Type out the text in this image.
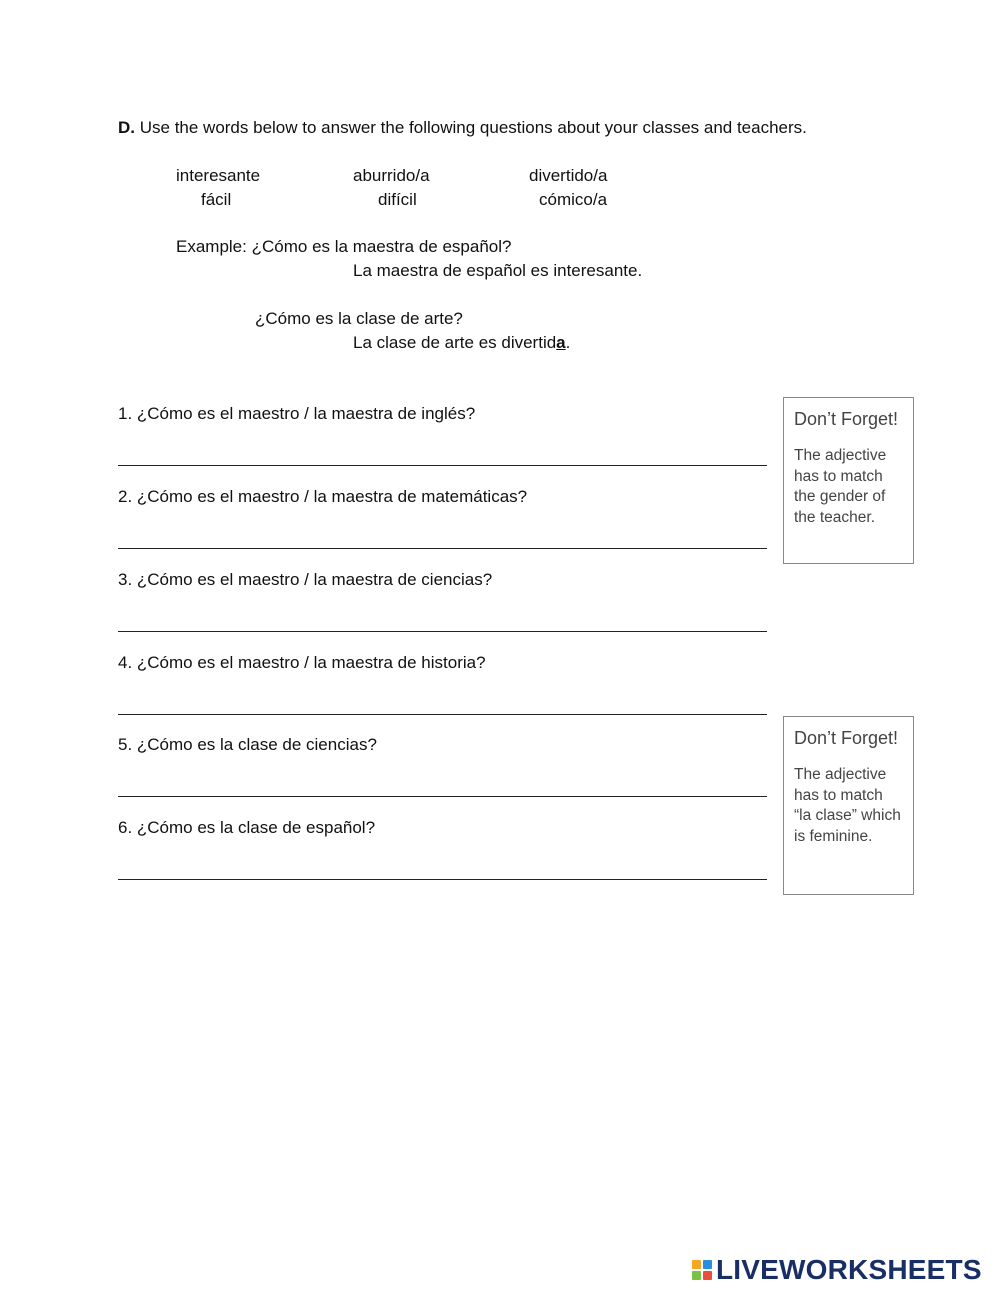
D. Use the words below to answer the following questions about your classes and teachers.
interesante	aburrido/a	divertido/a
fácil	difícil	cómico/a
Example: ¿Cómo es la maestra de español?
La maestra de español es interesante.
¿Cómo es la clase de arte?
La clase de arte es divertida.
1. ¿Cómo es el maestro / la maestra de inglés?
2. ¿Cómo es el maestro / la maestra de matemáticas?
3. ¿Cómo es el maestro / la maestra de ciencias?
4. ¿Cómo es el maestro / la maestra de historia?
5. ¿Cómo es la clase de ciencias?
6. ¿Cómo es la clase de español?
Don’t Forget!
The adjective has to match the gender of the teacher.
Don’t Forget!
The adjective has to match “la clase” which is feminine.
LIVEWORKSHEETS
